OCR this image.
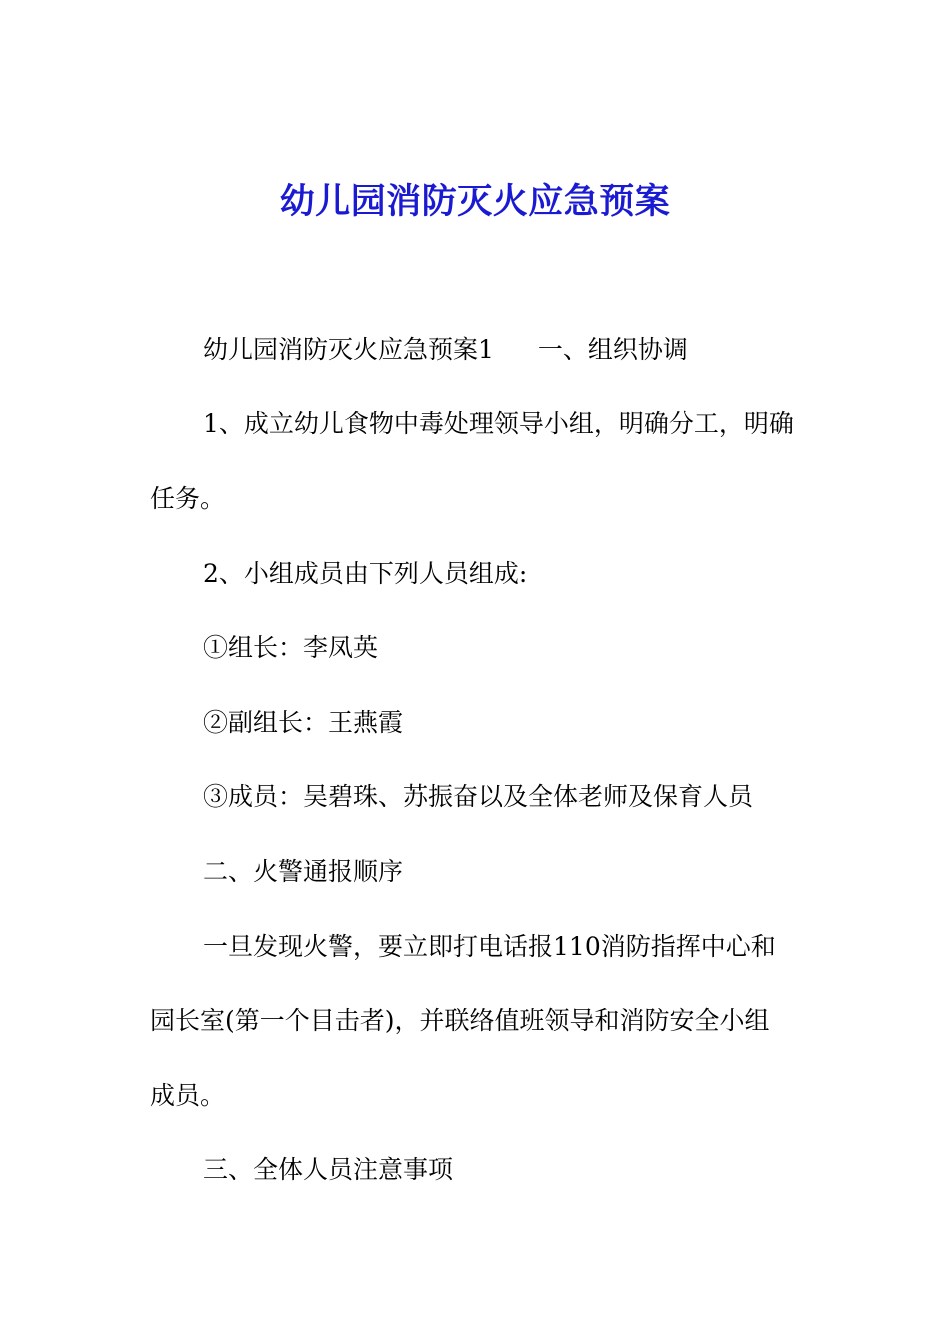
幼儿园消防灭火应急预案
幼儿园消防灭火应急预案1 一、组织协调
1、成立幼儿食物中毒处理领导小组，明确分工，明确
任务。
2、小组成员由下列人员组成:
①组长：李凤英
②副组长：王燕霞
③成员：吴碧珠、苏振奋以及全体老师及保育人员
二、火警通报顺序
一旦发现火警，要立即打电话报110消防指挥中心和
园长室(第一个目击者)，并联络值班领导和消防安全小组
成员。
三、全体人员注意事项
